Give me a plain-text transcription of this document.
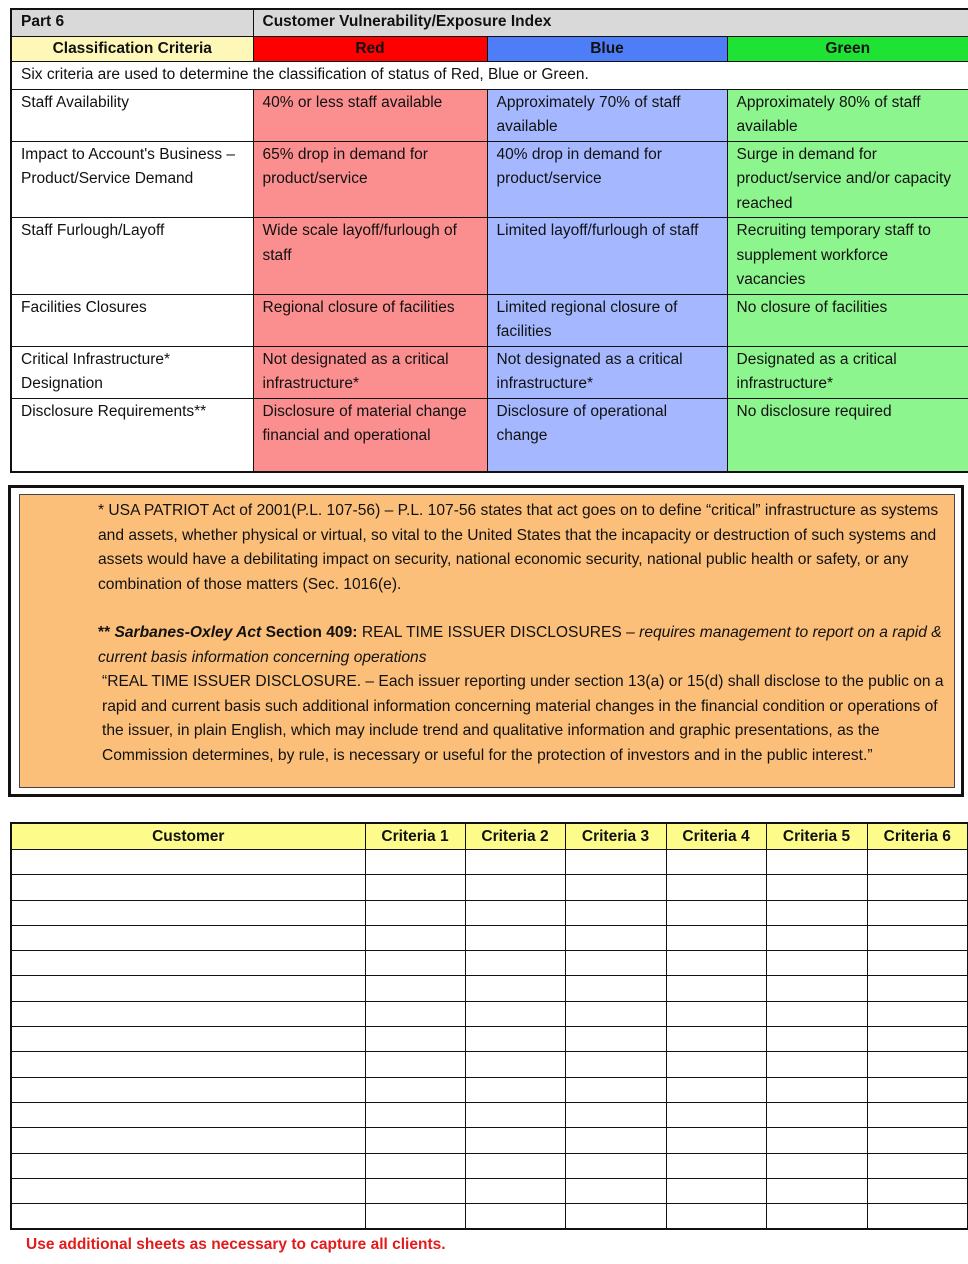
Part 6	Customer Vulnerability/Exposure Index		
Classification Criteria	Red	Blue	Green
Six criteria are used to determine the classification of status of Red, Blue or Green.			
Staff Availability	40% or less staff available	Approximately 70% of staff available	Approximately 80% of staff available
Impact to Account's Business – Product/Service Demand	65% drop in demand for product/service	40% drop in demand for product/service	Surge in demand for product/service and/or capacity reached
Staff Furlough/Layoff	Wide scale layoff/furlough of staff	Limited layoff/furlough of staff	Recruiting temporary staff to supplement workforce vacancies
Facilities Closures	Regional closure of facilities	Limited regional closure of facilities	No closure of facilities
Critical Infrastructure* Designation	Not designated as a critical infrastructure*	Not designated as a critical infrastructure*	Designated as a critical infrastructure*
Disclosure Requirements**	Disclosure of material change financial and operational	Disclosure of operational change	No disclosure required

* USA PATRIOT Act of 2001(P.L. 107-56) – P.L. 107-56 states that act goes on to define “critical” infrastructure as systems and assets, whether physical or virtual, so vital to the United States that the incapacity or destruction of such systems and assets would have a debilitating impact on security, national economic security, national public health or safety, or any combination of those matters (Sec. 1016(e).

** Sarbanes-Oxley Act Section 409: REAL TIME ISSUER DISCLOSURES – requires management to report on a rapid & current basis information concerning operations

“REAL TIME ISSUER DISCLOSURE. – Each issuer reporting under section 13(a) or 15(d) shall disclose to the public on a rapid and current basis such additional information concerning material changes in the financial condition or operations of the issuer, in plain English, which may include trend and qualitative information and graphic presentations, as the Commission determines, by rule, is necessary or useful for the protection of investors and in the public interest.”

Customer	Criteria 1	Criteria 2	Criteria 3	Criteria 4	Criteria 5	Criteria 6

Use additional sheets as necessary to capture all clients.
